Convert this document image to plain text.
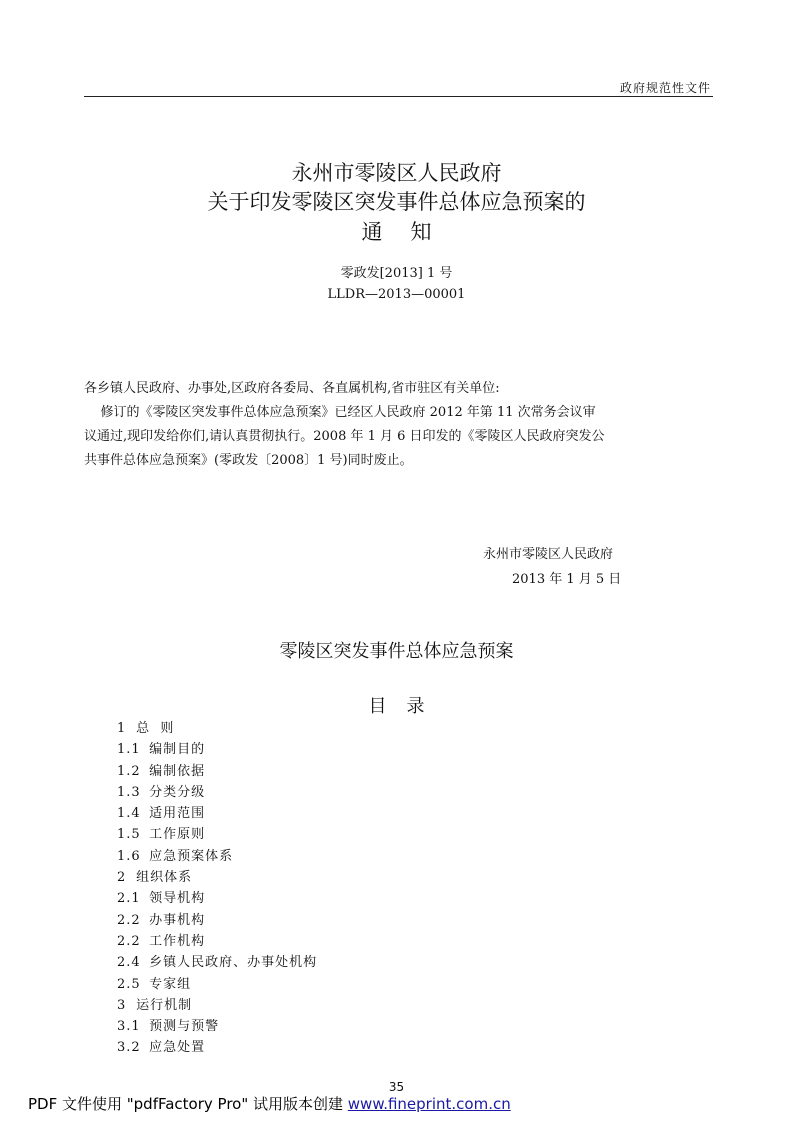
政府规范性文件
永州市零陵区人民政府
关于印发零陵区突发事件总体应急预案的
通知
零政发[2013] 1 号
LLDR—2013—00001
各乡镇人民政府、办事处,区政府各委局、各直属机构,省市驻区有关单位:
修订的《零陵区突发事件总体应急预案》已经区人民政府 2012 年第 11 次常务会议审
议通过,现印发给你们,请认真贯彻执行。2008 年 1 月 6 日印发的《零陵区人民政府突发公
共事件总体应急预案》(零政发〔2008〕1 号)同时废止。
永州市零陵区人民政府
2013 年 1 月 5 日
零陵区突发事件总体应急预案
目录
1 总  则
1.1 编制目的
1.2 编制依据
1.3 分类分级
1.4 适用范围
1.5 工作原则
1.6 应急预案体系
2 组织体系
2.1 领导机构
2.2 办事机构
2.2 工作机构
2.4 乡镇人民政府、办事处机构
2.5 专家组
3 运行机制
3.1 预测与预警
3.2 应急处置
35
PDF 文件使用 "pdfFactory Pro" 试用版本创建 www.fineprint.com.cn
